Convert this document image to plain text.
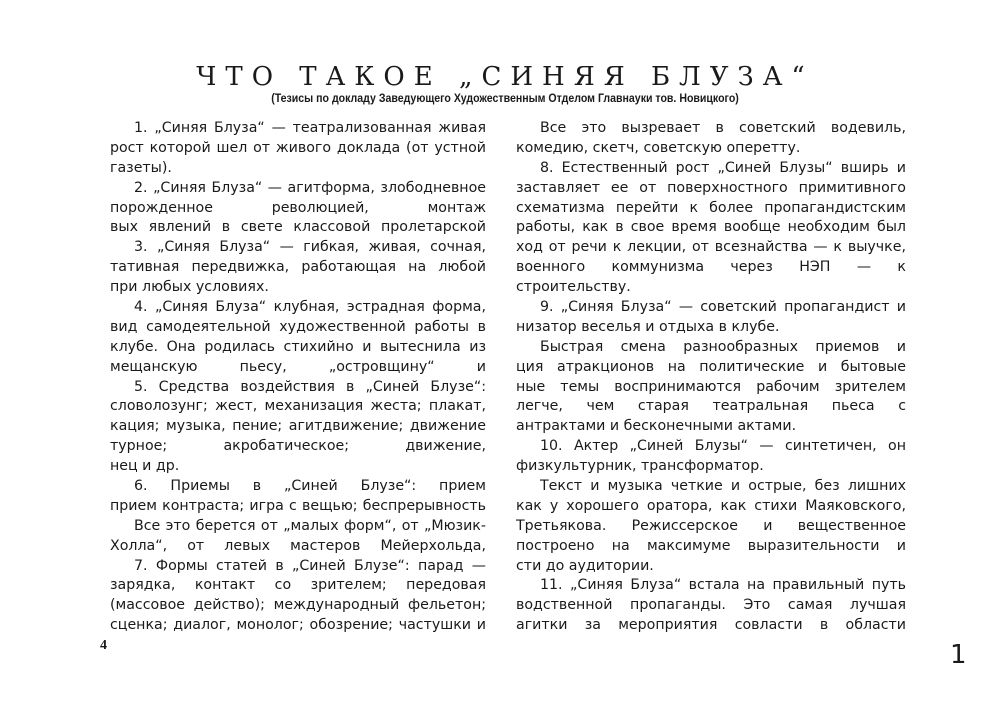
ЧТО ТАКОЕ „СИНЯЯ БЛУЗА“
(Тезисы по докладу Заведующего Художественным Отделом Главнауки тов. Новицкого)
1. „Синяя Блуза“ — театрализованная живая
рост которой шел от живого доклада (от устной
газеты).
2. „Синяя Блуза“ — агитформа, злободневное
порожденное революцией, монтаж
вых явлений в свете классовой пролетарской
3. „Синяя Блуза“ — гибкая, живая, сочная,
тативная передвижка, работающая на любой
при любых условиях.
4. „Синяя Блуза“ клубная, эстрадная форма,
вид самодеятельной художественной работы в
клубе. Она родилась стихийно и вытеснила из
мещанскую пьесу, „островщину“ и
5. Средства воздействия в „Синей Блузе“:
словолозунг; жест, механизация жеста; плакат,
кация; музыка, пение; агитдвижение; движение
турное; акробатическое; движение,
нец и др.
6. Приемы в „Синей Блузе“: прием
прием контраста; игра с вещью; беспрерывность
Все это берется от „малых форм“, от „Мюзик-
Холла“, от левых мастеров Мейерхольда,
7. Формы статей в „Синей Блузе“: парад —
зарядка, контакт со зрителем; передовая
(массовое действо); международный фельетон;
сценка; диалог, монолог; обозрение; частушки и
Все это вызревает в советский водевиль,
комедию, скетч, советскую оперетту.
8. Естественный рост „Синей Блузы“ вширь и
заставляет ее от поверхностного примитивного
схематизма перейти к более пропагандистским
работы, как в свое время вообще необходим был
ход от речи к лекции, от всезнайства — к выучке,
военного коммунизма через НЭП — к
строительству.
9. „Синяя Блуза“ — советский пропагандист и
низатор веселья и отдыха в клубе.
Быстрая смена разнообразных приемов и
ция атракционов на политические и бытовые
ные темы воспринимаются рабочим зрителем
легче, чем старая театральная пьеса с
антрактами и бесконечными актами.
10. Актер „Синей Блузы“ — синтетичен, он
физкультурник, трансформатор.
Текст и музыка четкие и острые, без лишних
как у хорошего оратора, как стихи Маяковского,
Третьякова. Режиссерское и вещественное
построено на максимуме выразительности и
сти до аудитории.
11. „Синяя Блуза“ встала на правильный путь
водственной пропаганды. Это самая лучшая
агитки за мероприятия совласти в области
4	1
